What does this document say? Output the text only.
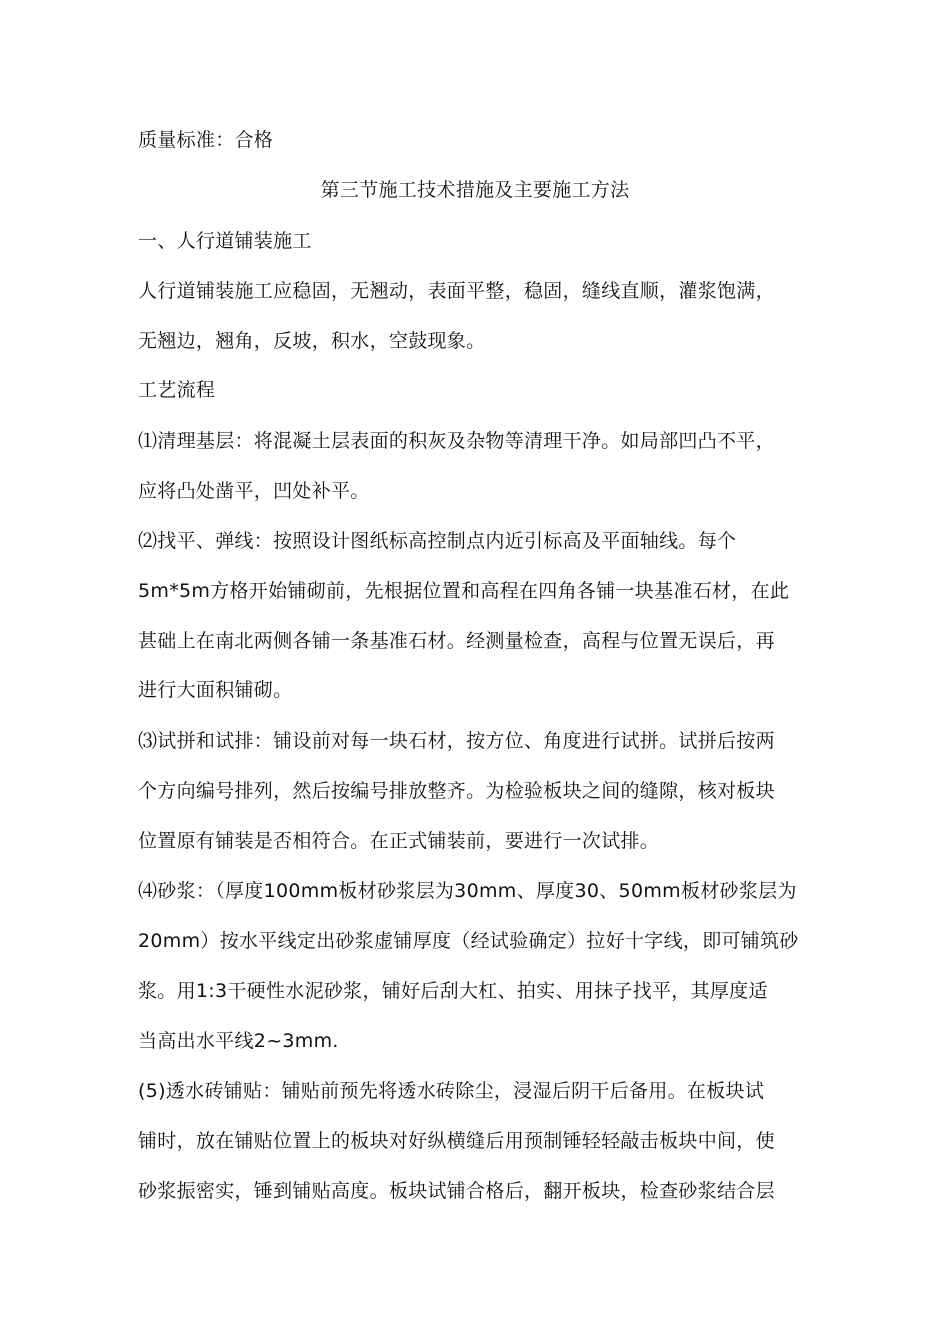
质量标准：合格
第三节施工技术措施及主要施工方法
一、人行道铺装施工
人行道铺装施工应稳固，无翘动，表面平整，稳固，缝线直顺，灌浆饱满，
无翘边，翘角，反坡，积水，空鼓现象。
工艺流程
⑴清理基层：将混凝土层表面的积灰及杂物等清理干净。如局部凹凸不平，
应将凸处凿平，凹处补平。
⑵找平、弹线：按照设计图纸标高控制点内近引标高及平面轴线。每个
5m*5m方格开始铺砌前，先根据位置和高程在四角各铺一块基准石材，在此
甚础上在南北两侧各铺一条基准石材。经测量检查，高程与位置无误后，再
进行大面积铺砌。
⑶试拼和试排：铺设前对每一块石材，按方位、角度进行试拼。试拼后按两
个方向编号排列，然后按编号排放整齐。为检验板块之间的缝隙，核对板块
位置原有铺装是否相符合。在正式铺装前，要进行一次试排。
⑷砂浆：（厚度100mm板材砂浆层为30mm、厚度30、50mm板材砂浆层为
20mm）按水平线定出砂浆虚铺厚度（经试验确定）拉好十字线，即可铺筑砂
浆。用1:3干硬性水泥砂浆，铺好后刮大杠、拍实、用抹子找平，其厚度适
当高出水平线2~3mm.
(5)透水砖铺贴：铺贴前预先将透水砖除尘，浸湿后阴干后备用。在板块试
铺时，放在铺贴位置上的板块对好纵横缝后用预制锤轻轻敲击板块中间，使
砂浆振密实，锤到铺贴高度。板块试铺合格后，翻开板块，检查砂浆结合层
